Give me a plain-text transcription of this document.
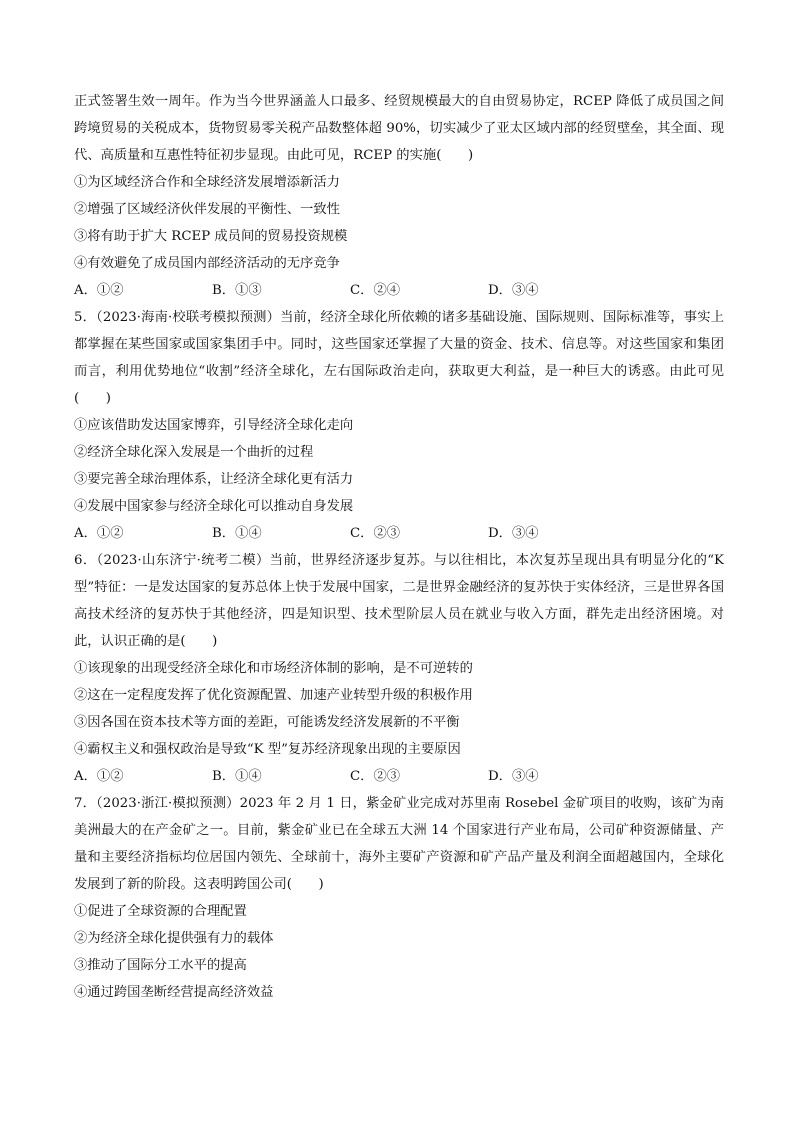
正式签署生效一周年。作为当今世界涵盖人口最多、经贸规模最大的自由贸易协定，RCEP 降低了成员国之间跨境贸易的关税成本，货物贸易零关税产品数整体超 90%，切实减少了亚太区域内部的经贸壁垒，其全面、现代、高质量和互惠性特征初步显现。由此可见，RCEP 的实施(　　)

①为区域经济合作和全球经济发展增添新活力

②增强了区域经济伙伴发展的平衡性、一致性

③将有助于扩大 RCEP 成员间的贸易投资规模

④有效避免了成员国内部经济活动的无序竞争

A．①②	B．①③	C．②④	D．③④

5．（2023·海南·校联考模拟预测）当前，经济全球化所依赖的诸多基础设施、国际规则、国际标准等，事实上都掌握在某些国家或国家集团手中。同时，这些国家还掌握了大量的资金、技术、信息等。对这些国家和集团而言，利用优势地位“收割”经济全球化，左右国际政治走向，获取更大利益，是一种巨大的诱惑。由此可见(　　)

①应该借助发达国家博弈，引导经济全球化走向

②经济全球化深入发展是一个曲折的过程

③要完善全球治理体系，让经济全球化更有活力

④发展中国家参与经济全球化可以推动自身发展

A．①②	B．①④	C．②③	D．③④

6．（2023·山东济宁·统考二模）当前，世界经济逐步复苏。与以往相比，本次复苏呈现出具有明显分化的“K 型”特征：一是发达国家的复苏总体上快于发展中国家，二是世界金融经济的复苏快于实体经济，三是世界各国高技术经济的复苏快于其他经济，四是知识型、技术型阶层人员在就业与收入方面，群先走出经济困境。对此，认识正确的是(　　)

①该现象的出现受经济全球化和市场经济体制的影响，是不可逆转的

②这在一定程度发挥了优化资源配置、加速产业转型升级的积极作用

③因各国在资本技术等方面的差距，可能诱发经济发展新的不平衡

④霸权主义和强权政治是导致“K 型”复苏经济现象出现的主要原因

A．①②	B．①④	C．②③	D．③④

7．（2023·浙江·模拟预测）2023 年 2 月 1 日，紫金矿业完成对苏里南 Rosebel 金矿项目的收购，该矿为南美洲最大的在产金矿之一。目前，紫金矿业已在全球五大洲 14 个国家进行产业布局，公司矿种资源储量、产量和主要经济指标均位居国内领先、全球前十，海外主要矿产资源和矿产品产量及利润全面超越国内，全球化发展到了新的阶段。这表明跨国公司(　　)

①促进了全球资源的合理配置

②为经济全球化提供强有力的载体

③推动了国际分工水平的提高

④通过跨国垄断经营提高经济效益
